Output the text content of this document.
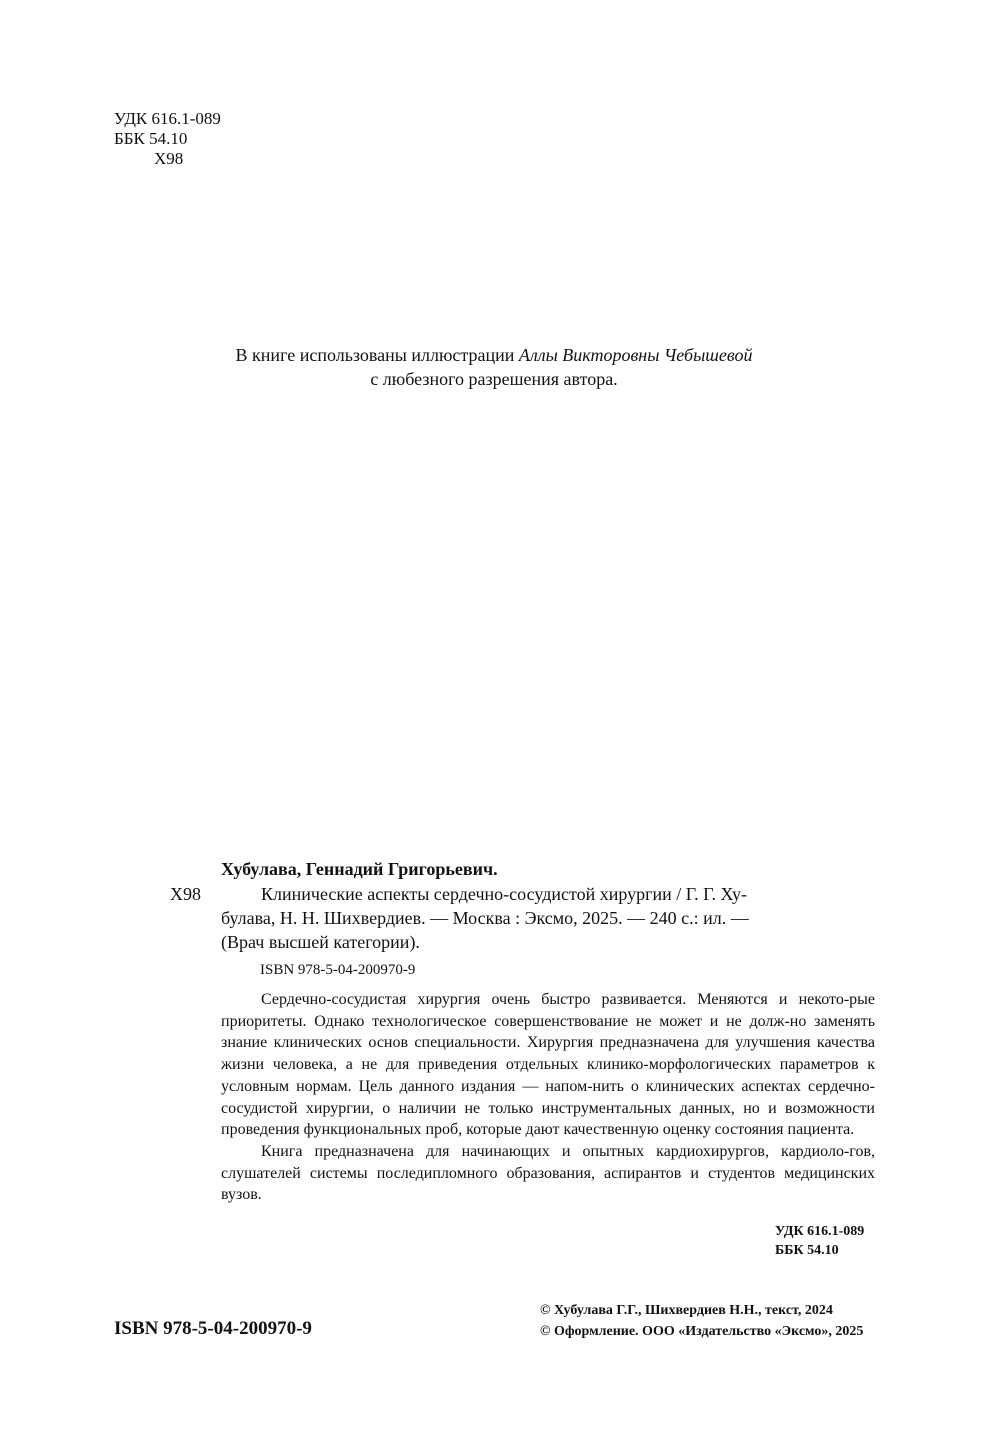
УДК 616.1-089
ББК 54.10
Х98
В книге использованы иллюстрации Аллы Викторовны Чебышевой
с любезного разрешения автора.
Хубулава, Геннадий Григорьевич.
Х98	Клинические аспекты сердечно-сосудистой хирургии / Г. Г. Ху-
булава, Н. Н. Шихвердиев. — Москва : Эксмо, 2025. — 240 с.: ил. —
(Врач высшей категории).
ISBN 978-5-04-200970-9

Сердечно-сосудистая хирургия очень быстро развивается. Меняются и некото-рые приоритеты. Однако технологическое совершенствование не может и не долж-но заменять знание клинических основ специальности. Хирургия предназначена для улучшения качества жизни человека, а не для приведения отдельных клинико-морфологических параметров к условным нормам. Цель данного издания — напом-нить о клинических аспектах сердечно-сосудистой хирургии, о наличии не только инструментальных данных, но и возможности проведения функциональных проб, которые дают качественную оценку состояния пациента.

Книга предназначена для начинающих и опытных кардиохирургов, кардиоло-гов, слушателей системы последипломного образования, аспирантов и студентов медицинских вузов.

УДК 616.1-089
ББК 54.10
ISBN 978-5-04-200970-9
© Хубулава Г.Г., Шихвердиев Н.Н., текст, 2024
© Оформление. ООО «Издательство «Эксмо», 2025
